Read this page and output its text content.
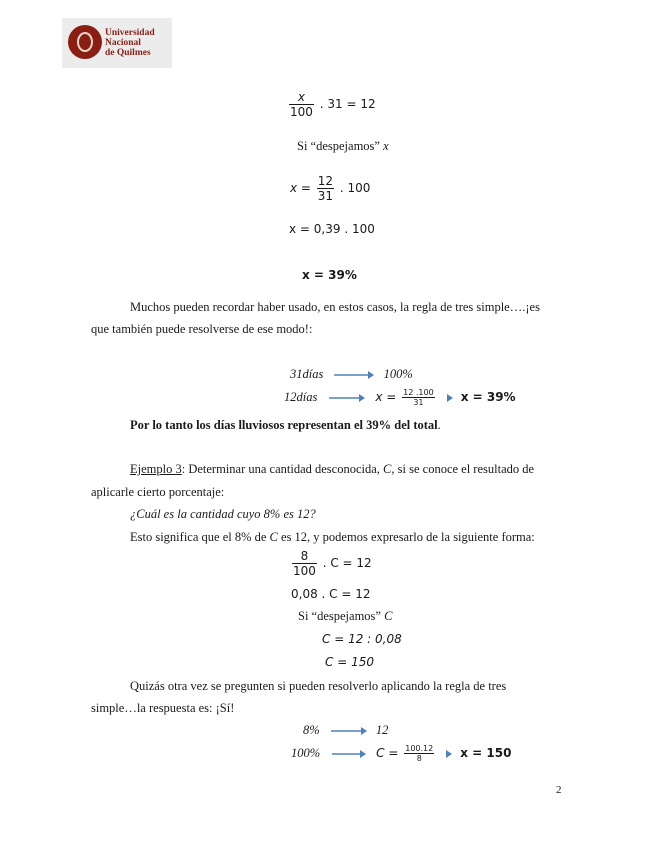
Universidad
Nacional
de Quilmes
$\frac{x}{100}$ . 31 = 12
Si “despejamos” x
$x = \frac{12}{31}$ . 100
x = 0,39 . 100
x = 39%
Muchos pueden recordar haber usado, en estos casos, la regla de tres simple….¡es
que también puede resolverse de ese modo!:
31días	100%
12días	$x = \frac{12 .100}{31}$ x = 39%
Por lo tanto los días lluviosos representan el 39% del total.
Ejemplo 3: Determinar una cantidad desconocida, C, si se conoce el resultado de
aplicarle cierto porcentaje:
¿Cuál es la cantidad cuyo 8% es 12?
Esto significa que el 8% de C es 12, y podemos expresarlo de la siguiente forma:
$\frac{8}{100}$ . C = 12
0,08 . C = 12
Si “despejamos” C
C = 12 : 0,08
C = 150
Quizás otra vez se pregunten si pueden resolverlo aplicando la regla de tres
simple…la respuesta es: ¡Sí!
8%	12
100%	$C = \frac{100.12}{8}$ x = 150
2
